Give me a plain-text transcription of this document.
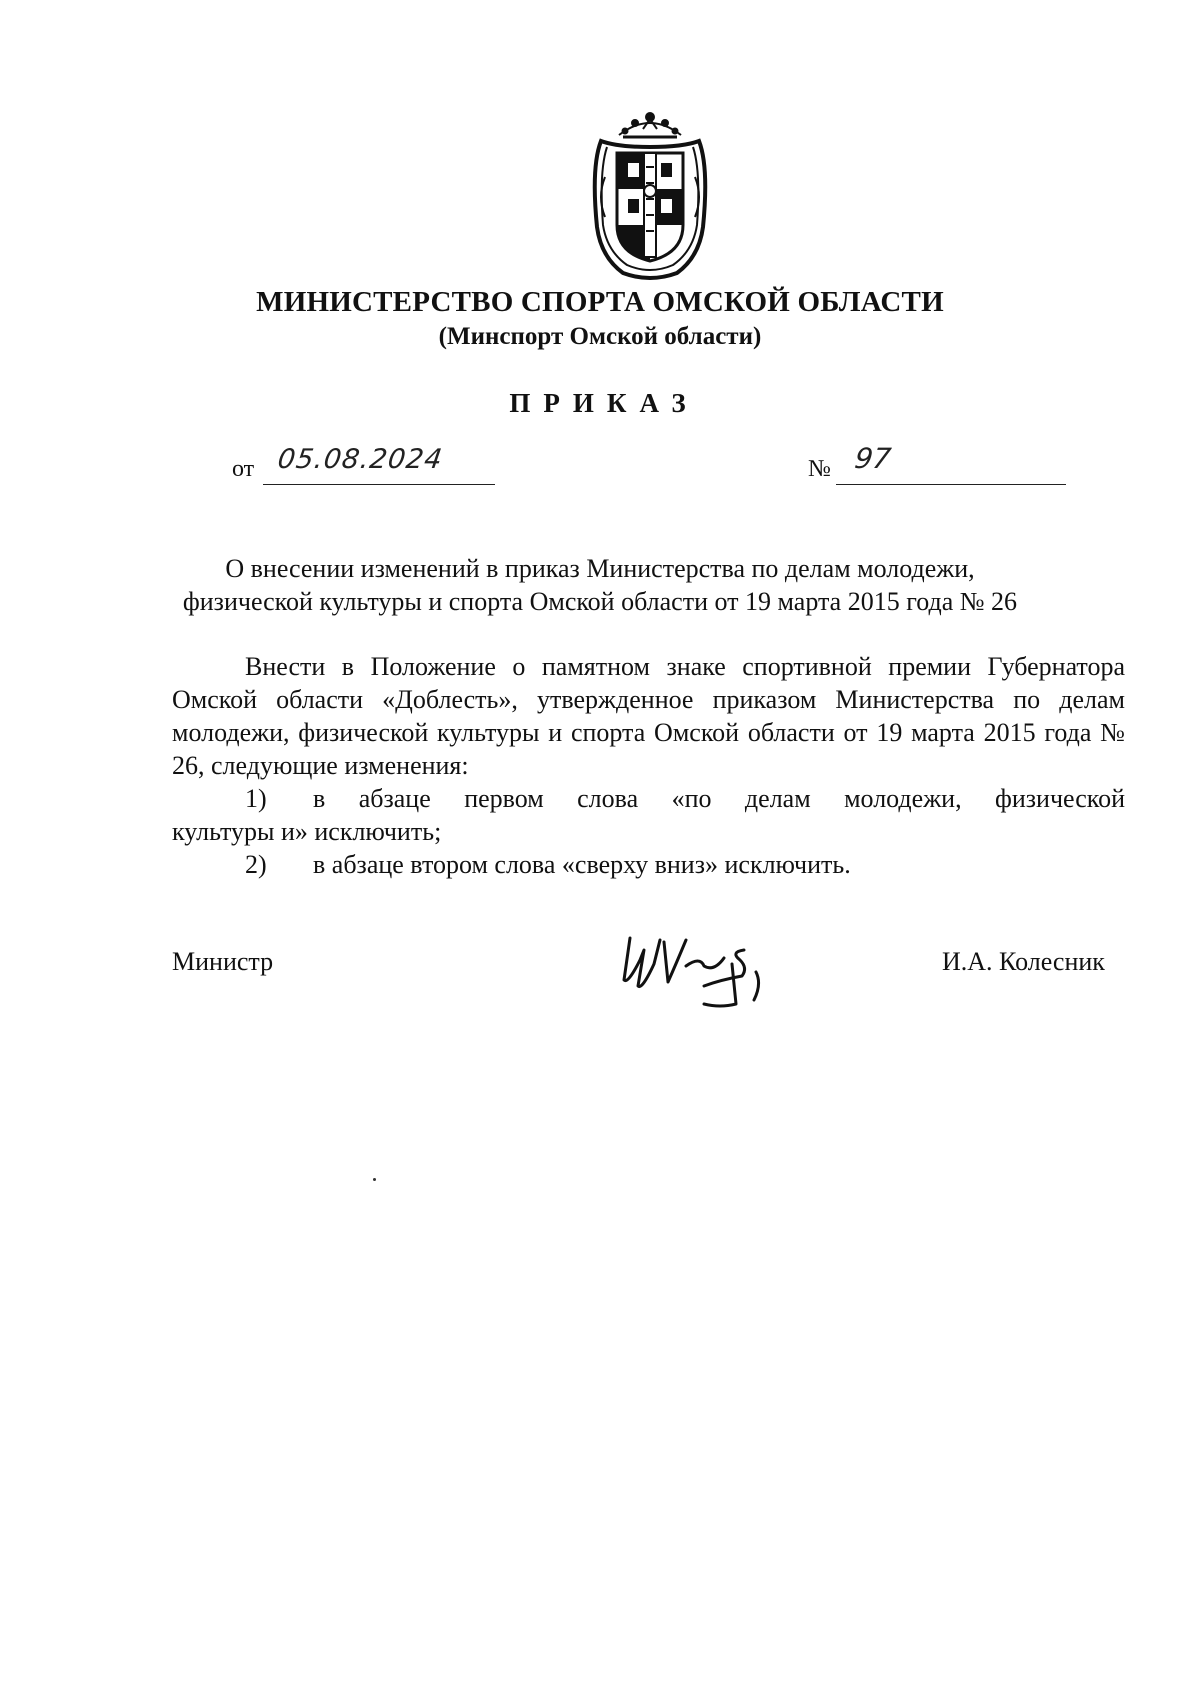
МИНИСТЕРСТВО СПОРТА ОМСКОЙ ОБЛАСТИ
(Минспорт Омской области)
ПРИКАЗ
от 05.08.2024	№ 97
О внесении изменений в приказ Министерства по делам молодежи,
физической культуры и спорта Омской области от 19 марта 2015 года № 26

Внести в Положение о памятном знаке спортивной премии Губернатора Омской области «Доблесть», утвержденное приказом Министерства по делам молодежи, физической культуры и спорта Омской области от 19 марта 2015 года № 26, следующие изменения:

1)	в абзаце первом слова «по делам молодежи, физической

культуры и» исключить;

2)	в абзаце втором слова «сверху вниз» исключить.
Министр	И.А. Колесник
